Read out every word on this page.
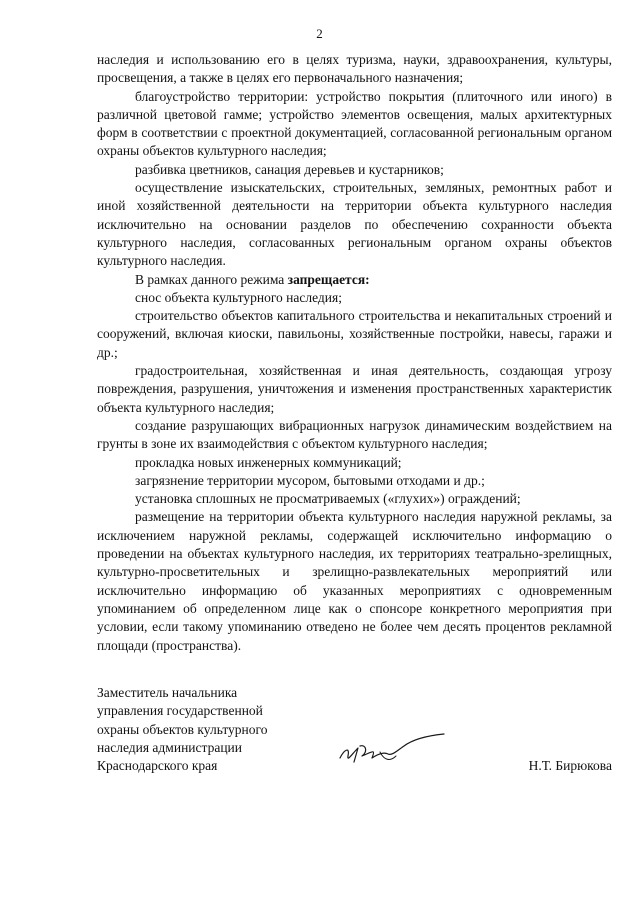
2

наследия и использованию его в целях туризма, науки, здравоохранения, культуры, просвещения, а также в целях его первоначального назначения;

благоустройство территории: устройство покрытия (плиточного или иного) в различной цветовой гамме; устройство элементов освещения, малых архитектурных форм в соответствии с проектной документацией, согласованной региональным органом охраны объектов культурного наследия;

разбивка цветников, санация деревьев и кустарников;

осуществление изыскательских, строительных, земляных, ремонтных работ и иной хозяйственной деятельности на территории объекта культурного наследия исключительно на основании разделов по обеспечению сохранности объекта культурного наследия, согласованных региональным органом охраны объектов культурного наследия.

В рамках данного режима запрещается:

снос объекта культурного наследия;

строительство объектов капитального строительства и некапитальных строений и сооружений, включая киоски, павильоны, хозяйственные постройки, навесы, гаражи и др.;

градостроительная, хозяйственная и иная деятельность, создающая угрозу повреждения, разрушения, уничтожения и изменения пространственных характеристик объекта культурного наследия;

создание разрушающих вибрационных нагрузок динамическим воздействием на грунты в зоне их взаимодействия с объектом культурного наследия;

прокладка новых инженерных коммуникаций;

загрязнение территории мусором, бытовыми отходами и др.;

установка сплошных не просматриваемых («глухих») ограждений;

размещение на территории объекта культурного наследия наружной рекламы, за исключением наружной рекламы, содержащей исключительно информацию о проведении на объектах культурного наследия, их территориях театрально-зрелищных, культурно-просветительных и зрелищно-развлекательных мероприятий или исключительно информацию об указанных мероприятиях с одновременным упоминанием об определенном лице как о спонсоре конкретного мероприятия при условии, если такому упоминанию отведено не более чем десять процентов рекламной площади (пространства).

Заместитель начальника
управления государственной
охраны объектов культурного
наследия администрации
Краснодарского края	Н.Т. Бирюкова
